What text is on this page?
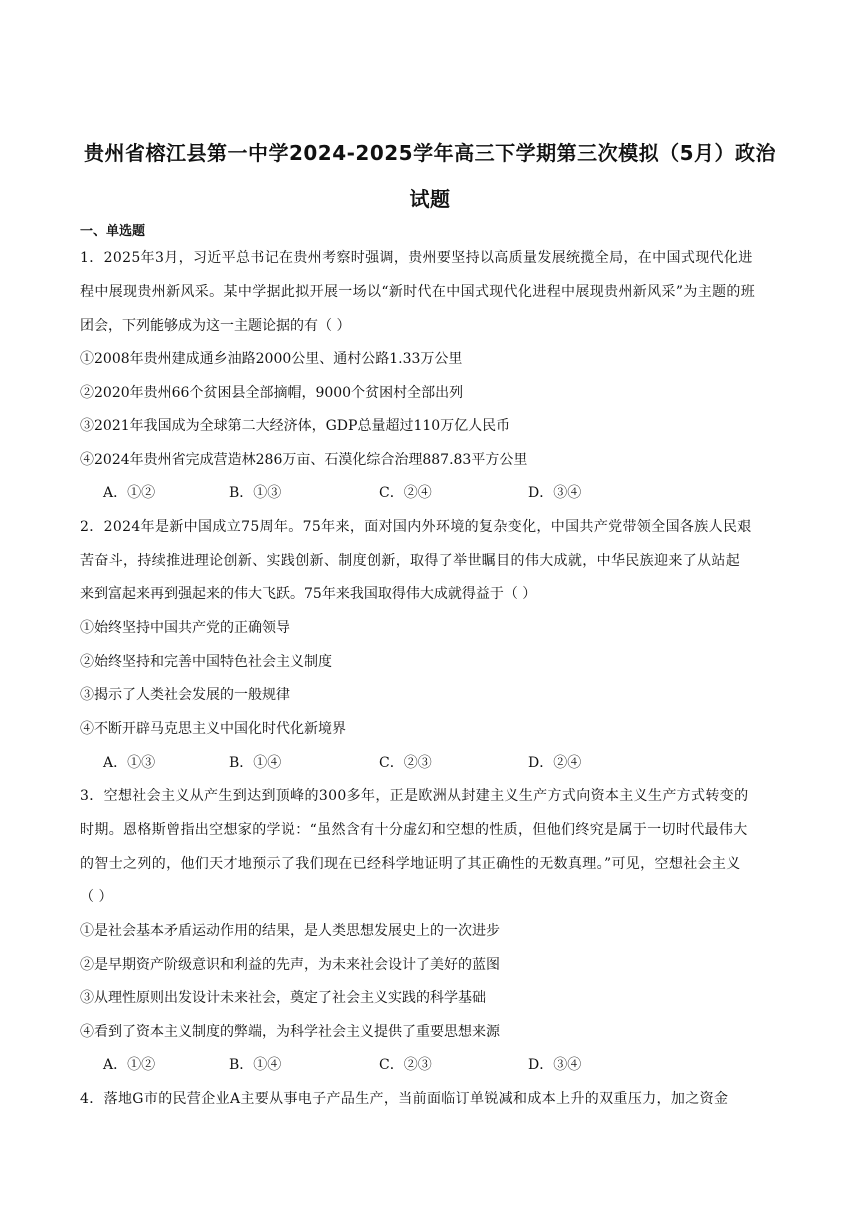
贵州省榕江县第一中学2024-2025学年高三下学期第三次模拟（5月）政治
试题
一、单选题
1．2025年3月，习近平总书记在贵州考察时强调，贵州要坚持以高质量发展统揽全局，在中国式现代化进
程中展现贵州新风采。某中学据此拟开展一场以“新时代在中国式现代化进程中展现贵州新风采”为主题的班
团会，下列能够成为这一主题论据的有（ ）
①2008年贵州建成通乡油路2000公里、通村公路1.33万公里
②2020年贵州66个贫困县全部摘帽，9000个贫困村全部出列
③2021年我国成为全球第二大经济体，GDP总量超过110万亿人民币
④2024年贵州省完成营造林286万亩、石漠化综合治理887.83平方公里
A．①②	B．①③	C．②④	D．③④
2．2024年是新中国成立75周年。75年来，面对国内外环境的复杂变化，中国共产党带领全国各族人民艰
苦奋斗，持续推进理论创新、实践创新、制度创新，取得了举世瞩目的伟大成就，中华民族迎来了从站起
来到富起来再到强起来的伟大飞跃。75年来我国取得伟大成就得益于（ ）
①始终坚持中国共产党的正确领导
②始终坚持和完善中国特色社会主义制度
③揭示了人类社会发展的一般规律
④不断开辟马克思主义中国化时代化新境界
A．①③	B．①④	C．②③	D．②④
3．空想社会主义从产生到达到顶峰的300多年，正是欧洲从封建主义生产方式向资本主义生产方式转变的
时期。恩格斯曾指出空想家的学说：“虽然含有十分虚幻和空想的性质，但他们终究是属于一切时代最伟大
的智士之列的，他们天才地预示了我们现在已经科学地证明了其正确性的无数真理。”可见，空想社会主义
（ ）
①是社会基本矛盾运动作用的结果，是人类思想发展史上的一次进步
②是早期资产阶级意识和利益的先声，为未来社会设计了美好的蓝图
③从理性原则出发设计未来社会，奠定了社会主义实践的科学基础
④看到了资本主义制度的弊端，为科学社会主义提供了重要思想来源
A．①②	B．①④	C．②③	D．③④
4．落地G市的民营企业A主要从事电子产品生产，当前面临订单锐减和成本上升的双重压力，加之资金
